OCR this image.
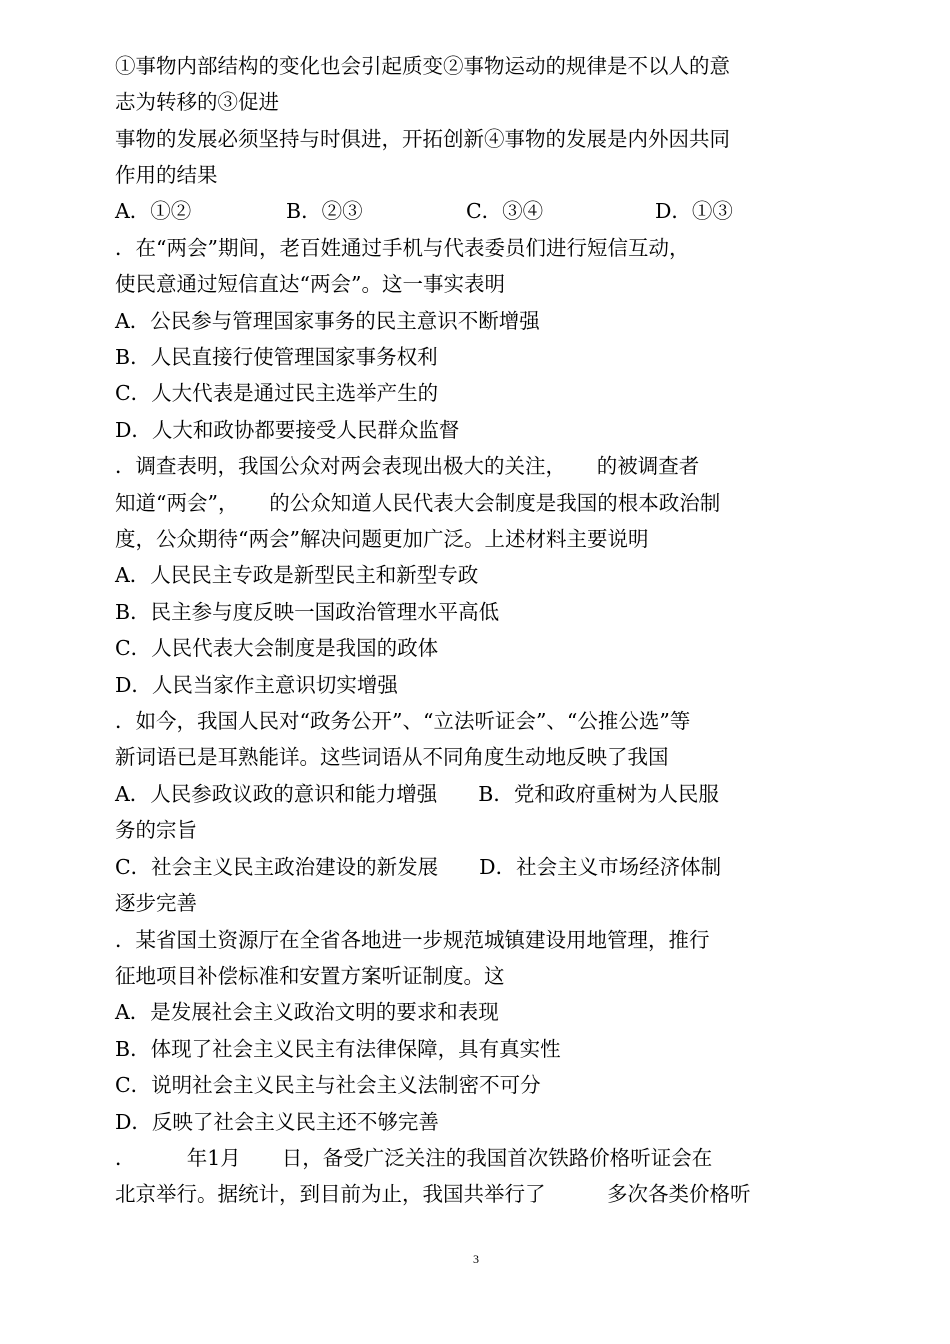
①事物内部结构的变化也会引起质变②事物运动的规律是不以人的意
志为转移的③促进
事物的发展必须坚持与时俱进，开拓创新④事物的发展是内外因共同
作用的结果
A．①②	B．②③	C．③④	D．①③
．在“两会”期间，老百姓通过手机与代表委员们进行短信互动，
使民意通过短信直达“两会”。这一事实表明
A．公民参与管理国家事务的民主意识不断增强
B．人民直接行使管理国家事务权利
C．人大代表是通过民主选举产生的
D．人大和政协都要接受人民群众监督
．调查表明，我国公众对两会表现出极大的关注，　　的被调查者
知道“两会”，　　的公众知道人民代表大会制度是我国的根本政治制
度，公众期待“两会”解决问题更加广泛。上述材料主要说明
A．人民民主专政是新型民主和新型专政
B．民主参与度反映一国政治管理水平高低
C．人民代表大会制度是我国的政体
D．人民当家作主意识切实增强
．如今，我国人民对“政务公开”、“立法听证会”、“公推公选”等
新词语已是耳熟能详。这些词语从不同角度生动地反映了我国
A．人民参政议政的意识和能力增强　　B．党和政府重树为人民服
务的宗旨
C．社会主义民主政治建设的新发展　　D．社会主义市场经济体制
逐步完善
．某省国土资源厅在全省各地进一步规范城镇建设用地管理，推行
征地项目补偿标准和安置方案听证制度。这
A．是发展社会主义政治文明的要求和表现
B．体现了社会主义民主有法律保障，具有真实性
C．说明社会主义民主与社会主义法制密不可分
D．反映了社会主义民主还不够完善
．　　　年1月　　日，备受广泛关注的我国首次铁路价格听证会在
北京举行。据统计，到目前为止，我国共举行了　　　多次各类价格听
3
